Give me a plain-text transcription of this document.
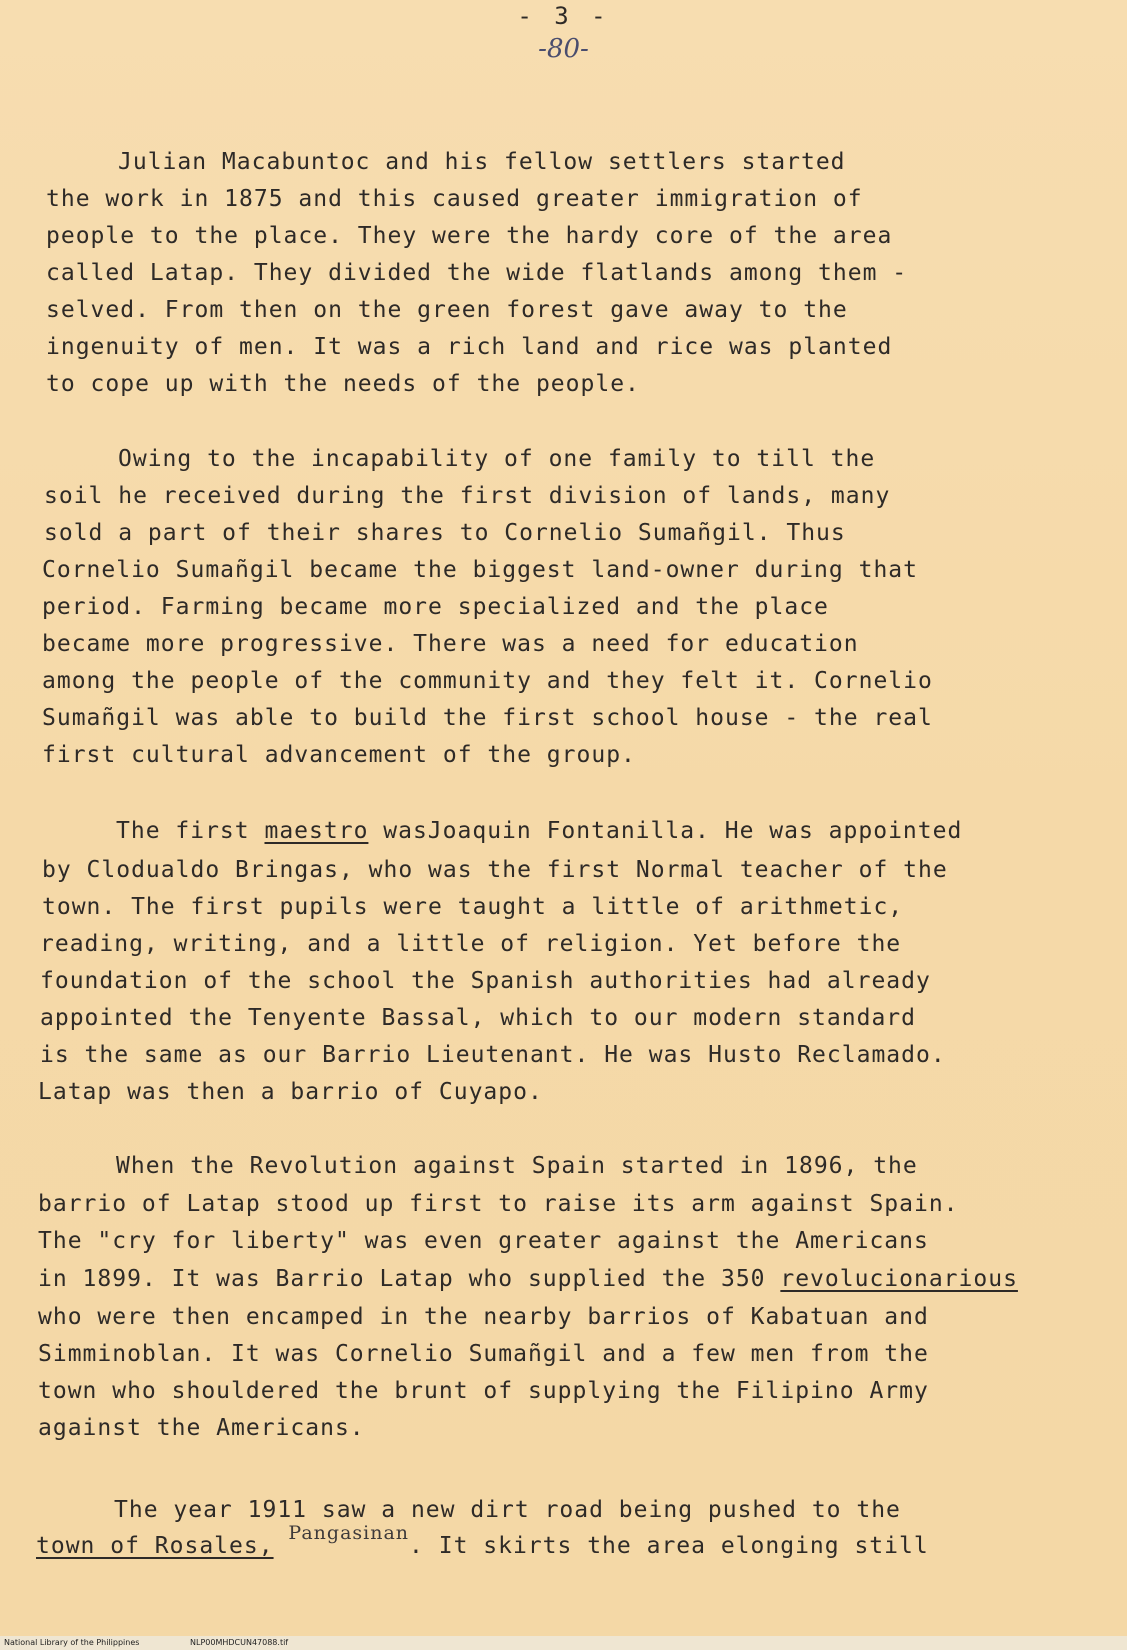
- 3 -
-80-
Julian Macabuntoc and his fellow settlers started
the work in 1875 and this caused greater immigration of
people to the place. They were the hardy core of the area
called Latap. They divided the wide flatlands among them -
selved. From then on the green forest gave away to the
ingenuity of men. It was a rich land and rice was planted
to cope up with the needs of the people.
Owing to the incapability of one family to till the
soil he received during the first division of lands, many
sold a part of their shares to Cornelio Sumañgil. Thus
Cornelio Sumañgil became the biggest land-owner during that
period. Farming became more specialized and the place
became more progressive. There was a need for education
among the people of the community and they felt it. Cornelio
Sumañgil was able to build the first school house - the real
first cultural advancement of the group.
The first maestro wasJoaquin Fontanilla. He was appointed
by Clodualdo Bringas, who was the first Normal teacher of the
town. The first pupils were taught a little of arithmetic,
reading, writing, and a little of religion. Yet before the
foundation of the school the Spanish authorities had already
appointed the Tenyente Bassal, which to our modern standard
is the same as our Barrio Lieutenant. He was Husto Reclamado.
Latap was then a barrio of Cuyapo.
When the Revolution against Spain started in 1896, the
barrio of Latap stood up first to raise its arm against Spain.
The "cry for liberty" was even greater against the Americans
in 1899. It was Barrio Latap who supplied the 350 revolucionarious
who were then encamped in the nearby barrios of Kabatuan and
Simminoblan. It was Cornelio Sumañgil and a few men from the
town who shouldered the brunt of supplying the Filipino Army
against the Americans.
The year 1911 saw a new dirt road being pushed to the
town of Rosales, $^{Pangasinan}$. It skirts the area elonging still
National Library of the Philippines	NLP00MHDCUN47088.tif
